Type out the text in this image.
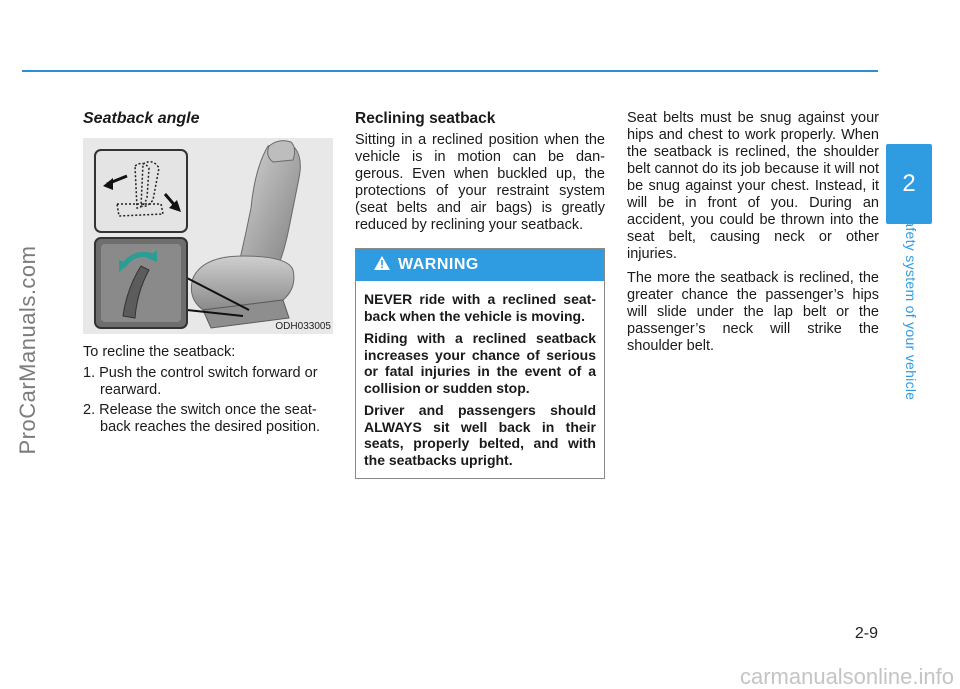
ProCarManuals.com
2
Safety system of your vehicle
Seatback angle
ODH033005
To recline the seatback:
1. Push the control switch forward or rearward.
2. Release the switch once the seat-back reaches the desired position.
Reclining seatback

Sitting in a reclined position when the vehicle is in motion can be dan-gerous. Even when buckled up, the protections of your restraint system (seat belts and air bags) is greatly reduced by reclining your seatback.

WARNING

NEVER ride with a reclined seat-back when the vehicle is moving.

Riding with a reclined seatback increases your chance of serious or fatal injuries in the event of a collision or sudden stop.

Driver and passengers should ALWAYS sit well back in their seats, properly belted, and with the seatbacks upright.

Seat belts must be snug against your hips and chest to work properly. When the seatback is reclined, the shoulder belt cannot do its job because it will not be snug against your chest. Instead, it will be in front of you. During an accident, you could be thrown into the seat belt, causing neck or other injuries.

The more the seatback is reclined, the greater chance the passenger’s hips will slide under the lap belt or the passenger’s neck will strike the shoulder belt.

2-9
carmanualsonline.info
